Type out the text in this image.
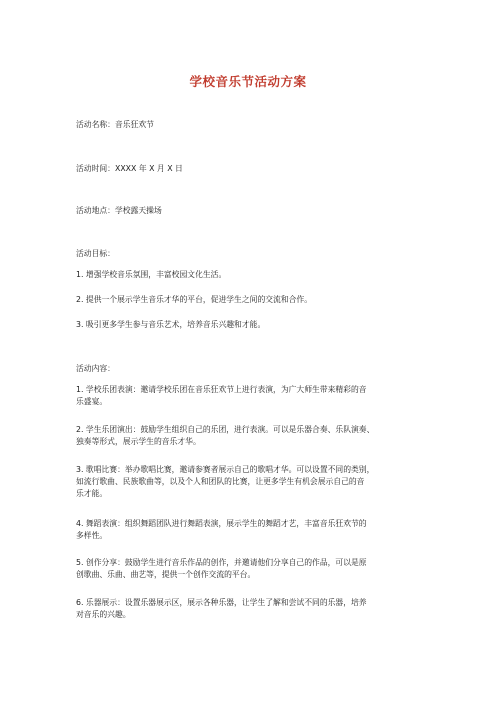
学校音乐节活动方案
活动名称：音乐狂欢节
活动时间：XXXX 年 X 月 X 日
活动地点：学校露天操场
活动目标：
1. 增强学校音乐氛围，丰富校园文化生活。
2. 提供一个展示学生音乐才华的平台，促进学生之间的交流和合作。
3. 吸引更多学生参与音乐艺术，培养音乐兴趣和才能。
活动内容：
1. 学校乐团表演：邀请学校乐团在音乐狂欢节上进行表演，为广大师生带来精彩的音
乐盛宴。
2. 学生乐团演出：鼓励学生组织自己的乐团，进行表演。可以是乐器合奏、乐队演奏、
独奏等形式，展示学生的音乐才华。
3. 歌唱比赛：举办歌唱比赛，邀请参赛者展示自己的歌唱才华。可以设置不同的类别，
如流行歌曲、民族歌曲等，以及个人和团队的比赛，让更多学生有机会展示自己的音
乐才能。
4. 舞蹈表演：组织舞蹈团队进行舞蹈表演，展示学生的舞蹈才艺，丰富音乐狂欢节的
多样性。
5. 创作分享：鼓励学生进行音乐作品的创作，并邀请他们分享自己的作品，可以是原
创歌曲、乐曲、曲艺等，提供一个创作交流的平台。
6. 乐器展示：设置乐器展示区，展示各种乐器，让学生了解和尝试不同的乐器，培养
对音乐的兴趣。
